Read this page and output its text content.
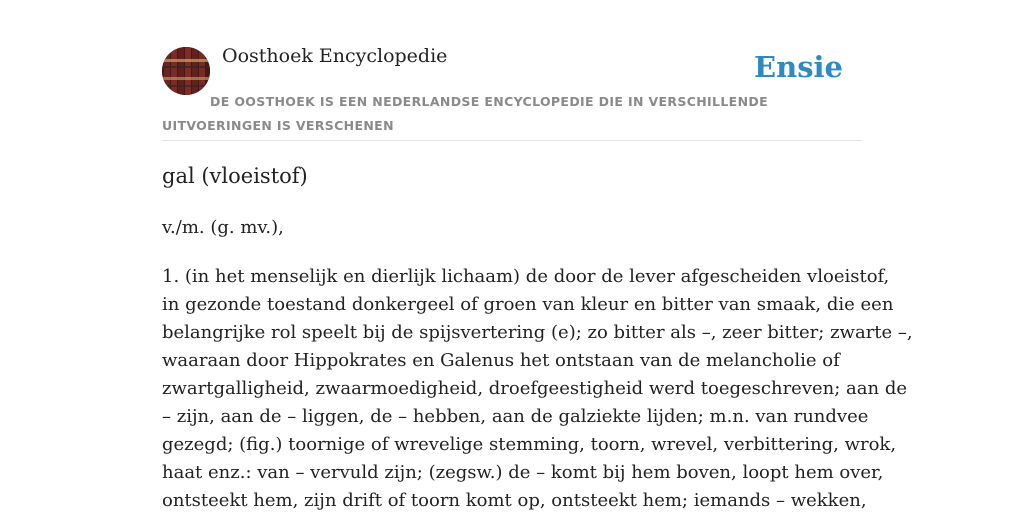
Oosthoek Encyclopedie	Ensie
DE OOSTHOEK IS EEN NEDERLANDSE ENCYCLOPEDIE DIE IN VERSCHILLENDE UITVOERINGEN IS VERSCHENEN
gal (vloeistof)

v./m. (g. mv.),

1. (in het menselijk en dierlijk lichaam) de door de lever afgescheiden vloeistof,
in gezonde toestand donkergeel of groen van kleur en bitter van smaak, die een
belangrijke rol speelt bij de spijsvertering (e); zo bitter als –, zeer bitter; zwarte –,
waaraan door Hippokrates en Galenus het ontstaan van de melancholie of
zwartgalligheid, zwaarmoedigheid, droefgeestigheid werd toegeschreven; aan de
– zijn, aan de – liggen, de – hebben, aan de galziekte lijden; m.n. van rundvee
gezegd; (fig.) toornige of wrevelige stemming, toorn, wrevel, verbittering, wrok,
haat enz.: van – vervuld zijn; (zegsw.) de – komt bij hem boven, loopt hem over,
ontsteekt hem, zijn drift of toorn komt op, ontsteekt hem; iemands – wekken,
